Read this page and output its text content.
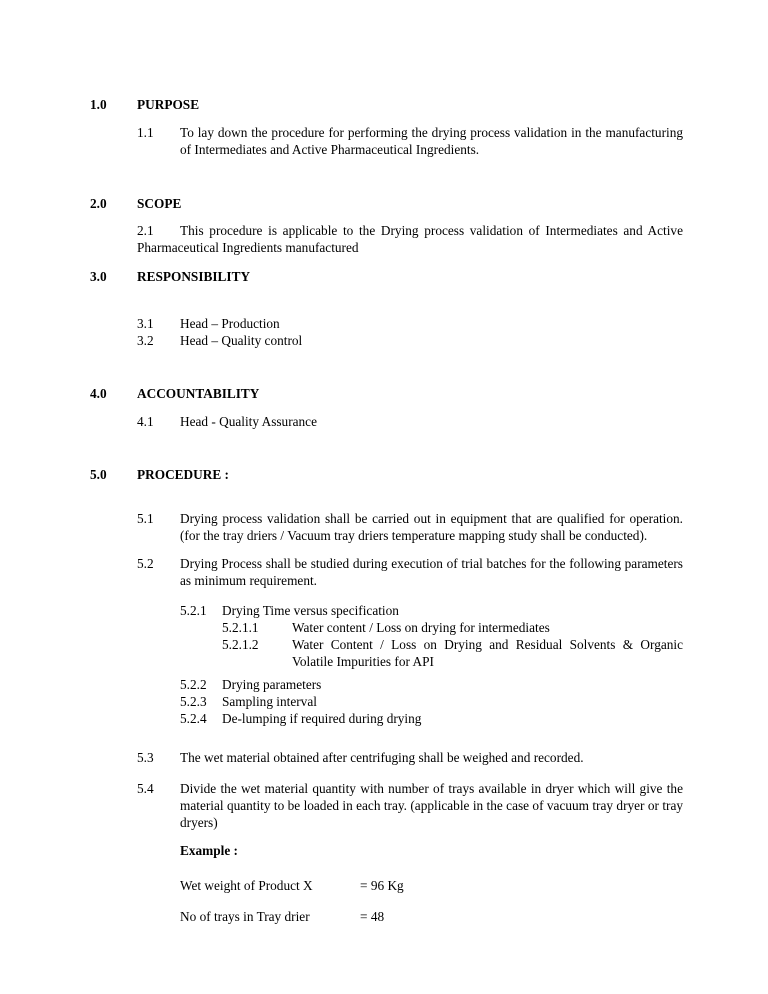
1.0	PURPOSE
1.1	To lay down the procedure for performing the drying process validation in the manufacturing of Intermediates and Active Pharmaceutical Ingredients.
2.0	SCOPE
2.1 This procedure is applicable to the Drying process validation of Intermediates and Active Pharmaceutical Ingredients manufactured
3.0	RESPONSIBILITY
3.1	Head – Production
3.2	Head – Quality control
4.0	ACCOUNTABILITY
4.1	Head - Quality Assurance
5.0	PROCEDURE :
5.1	Drying process validation shall be carried out in equipment that are qualified for operation. (for the tray driers / Vacuum tray driers temperature mapping study shall be conducted).
5.2	Drying Process shall be studied during execution of trial batches for the following parameters as minimum requirement.
5.2.1	Drying Time versus specification
5.2.1.1	Water content / Loss on drying for intermediates
5.2.1.2	Water Content / Loss on Drying and Residual Solvents & Organic Volatile Impurities for API
5.2.2	Drying parameters
5.2.3	Sampling interval
5.2.4	De-lumping if required during drying
5.3	The wet material obtained after centrifuging shall be weighed and recorded.
5.4	Divide the wet material quantity with number of trays available in dryer which will give the material quantity to be loaded in each tray. (applicable in the case of vacuum tray dryer or tray dryers)
Example :
Wet weight of Product X	= 96 Kg
No of trays in Tray drier	= 48
